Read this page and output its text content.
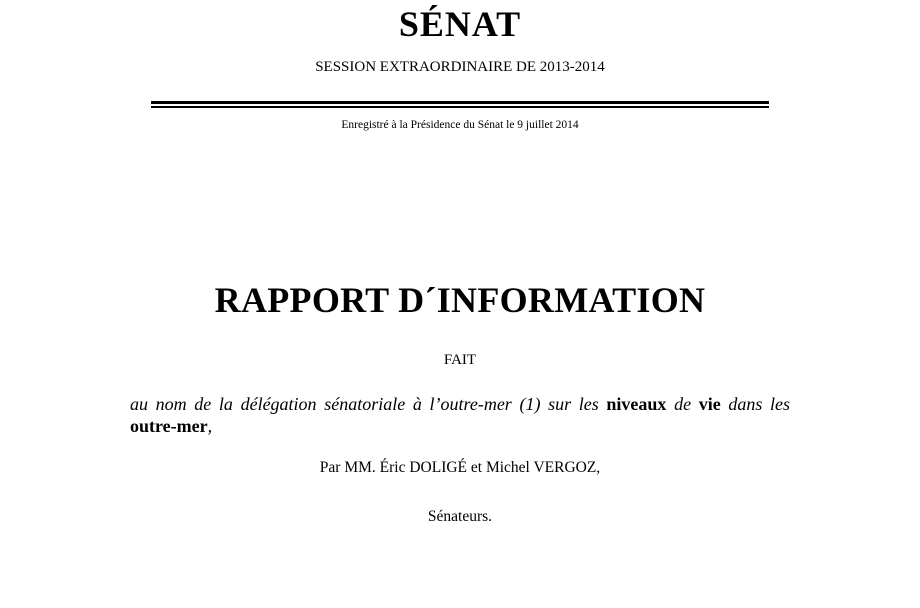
SÉNAT
SESSION EXTRAORDINAIRE DE 2013-2014
Enregistré à la Présidence du Sénat le 9 juillet 2014
RAPPORT D´INFORMATION
FAIT
au nom de la délégation sénatoriale à l’outre-mer (1) sur les niveaux de vie dans les outre-mer,
Par MM. Éric DOLIGÉ et Michel VERGOZ,
Sénateurs.
